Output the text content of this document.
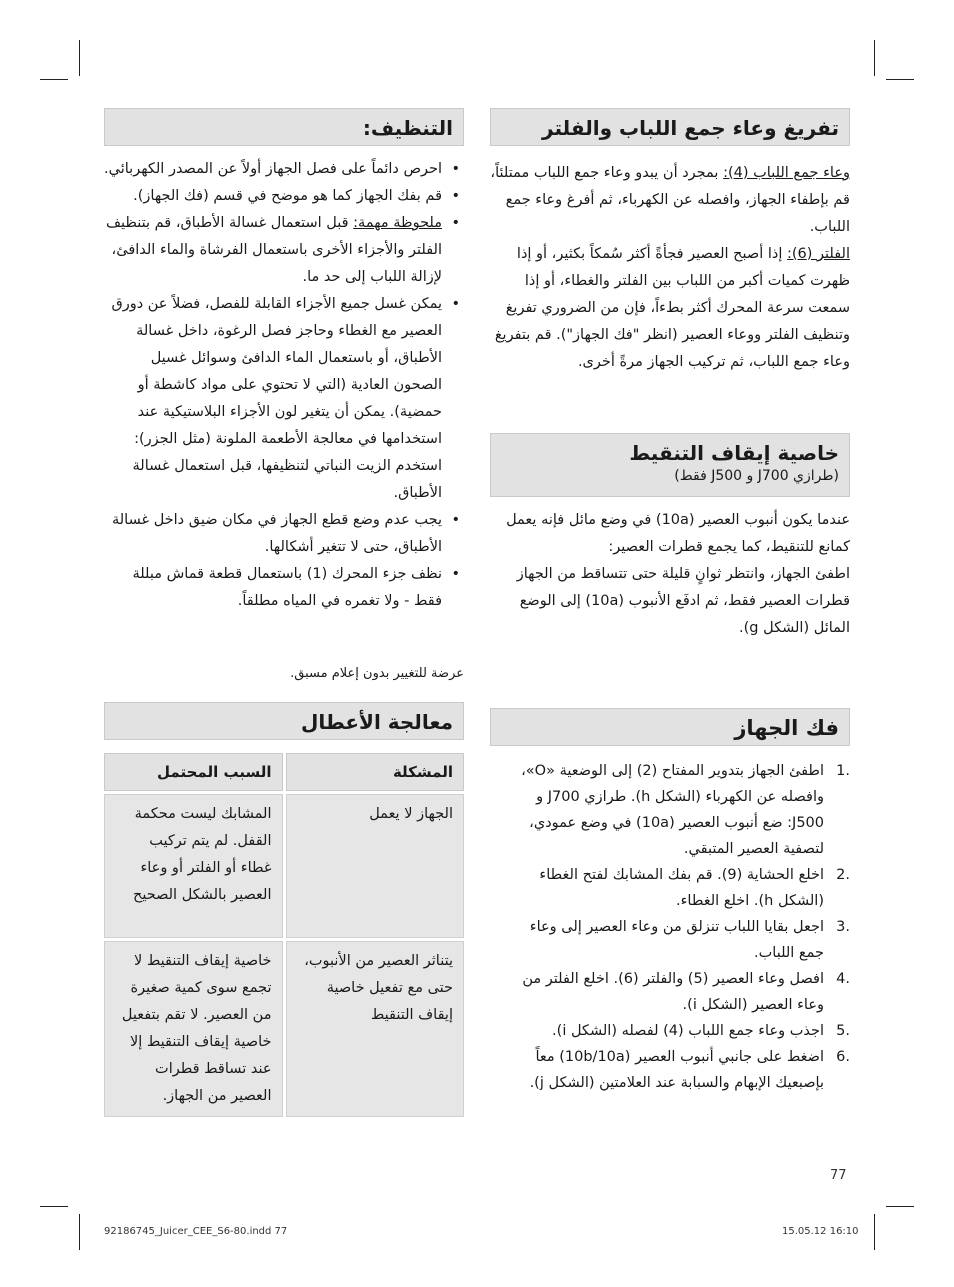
تفريغ وعاء جمع اللباب والفلتر

وعاء جمع اللباب (4): بمجرد أن يبدو وعاء جمع اللباب ممتلئاً، قم بإطفاء الجهاز، وافصله عن الكهرباء، ثم أفرغ وعاء جمع اللباب.

الفلتر (6): إذا أصبح العصير فجأةً أكثر سُمكاً بكثير، أو إذا ظهرت كميات أكبر من اللباب بين الفلتر والغطاء، أو إذا سمعت سرعة المحرك أكثر بطءاً، فإن من الضروري تفريغ وتنظيف الفلتر ووعاء العصير (انظر "فك الجهاز"). قم بتفريغ وعاء جمع اللباب، ثم تركيب الجهاز مرةً أخرى.

خاصية إيقاف التنقيط
(طرازي J700 و J500 فقط)

عندما يكون أنبوب العصير (10a) في وضع مائل فإنه يعمل كمانع للتنقيط، كما يجمع قطرات العصير:

اطفئ الجهاز، وانتظر ثوانٍ قليلة حتى تتساقط من الجهاز قطرات العصير فقط، ثم ادفَع الأنبوب (10a) إلى الوضع المائل (الشكل g).

فك الجهاز
1.
اطفئ الجهاز بتدوير المفتاح (2) إلى الوضعية «O»، وافصله عن الكهرباء (الشكل h). طرازي J700 و J500: ضع أنبوب العصير (10a) في وضع عمودي، لتصفية العصير المتبقي.
2.
اخلع الحشاية (9). قم بفك المشابك لفتح الغطاء (الشكل h). اخلع الغطاء.
3.
اجعل بقايا اللباب تنزلق من وعاء العصير إلى وعاء جمع اللباب.
4.
افصل وعاء العصير (5) والفلتر (6). اخلع الفلتر من وعاء العصير (الشكل i).
5.
اجذب وعاء جمع اللباب (4) لفصله (الشكل i).
6.
اضغط على جانبي أنبوب العصير (10b/10a) معاً بإصبعيك الإبهام والسبابة عند العلامتين (الشكل j).
77
التنظيف:
• احرص دائماً على فصل الجهاز أولاً عن المصدر الكهربائي.
• قم بفك الجهاز كما هو موضح في قسم (فك الجهاز).
• ملحوظة مهمة: قبل استعمال غسالة الأطباق، قم بتنظيف الفلتر والأجزاء الأخرى باستعمال الفرشاة والماء الدافئ، لإزالة اللباب إلى حد ما.
• يمكن غسل جميع الأجزاء القابلة للفصل، فضلاً عن دورق العصير مع الغطاء وحاجز فصل الرغوة، داخل غسالة الأطباق، أو باستعمال الماء الدافئ وسوائل غسيل الصحون العادية (التي لا تحتوي على مواد كاشطة أو حمضية). يمكن أن يتغير لون الأجزاء البلاستيكية عند استخدامها في معالجة الأطعمة الملونة (مثل الجزر): استخدم الزيت النباتي لتنظيفها، قبل استعمال غسالة الأطباق.
• يجب عدم وضع قطع الجهاز في مكان ضيق داخل غسالة الأطباق، حتى لا تتغير أشكالها.
• نظف جزء المحرك (1) باستعمال قطعة قماش مبللة فقط - ولا تغمره في المياه مطلقاً.
عرضة للتغيير بدون إعلام مسبق.
معالجة الأعطال
المشكلة	السبب المحتمل
الجهاز لا يعمل	المشابك ليست محكمة القفل. لم يتم تركيب غطاء أو الفلتر أو وعاء العصير بالشكل الصحيح
يتناثر العصير من الأنبوب، حتى مع تفعيل خاصية إيقاف التنقيط	خاصية إيقاف التنقيط لا تجمع سوى كمية صغيرة من العصير. لا تقم بتفعيل خاصية إيقاف التنقيط إلا عند تساقط قطرات العصير من الجهاز.
92186745_Juicer_CEE_S6-80.indd 77	15.05.12 16:10
